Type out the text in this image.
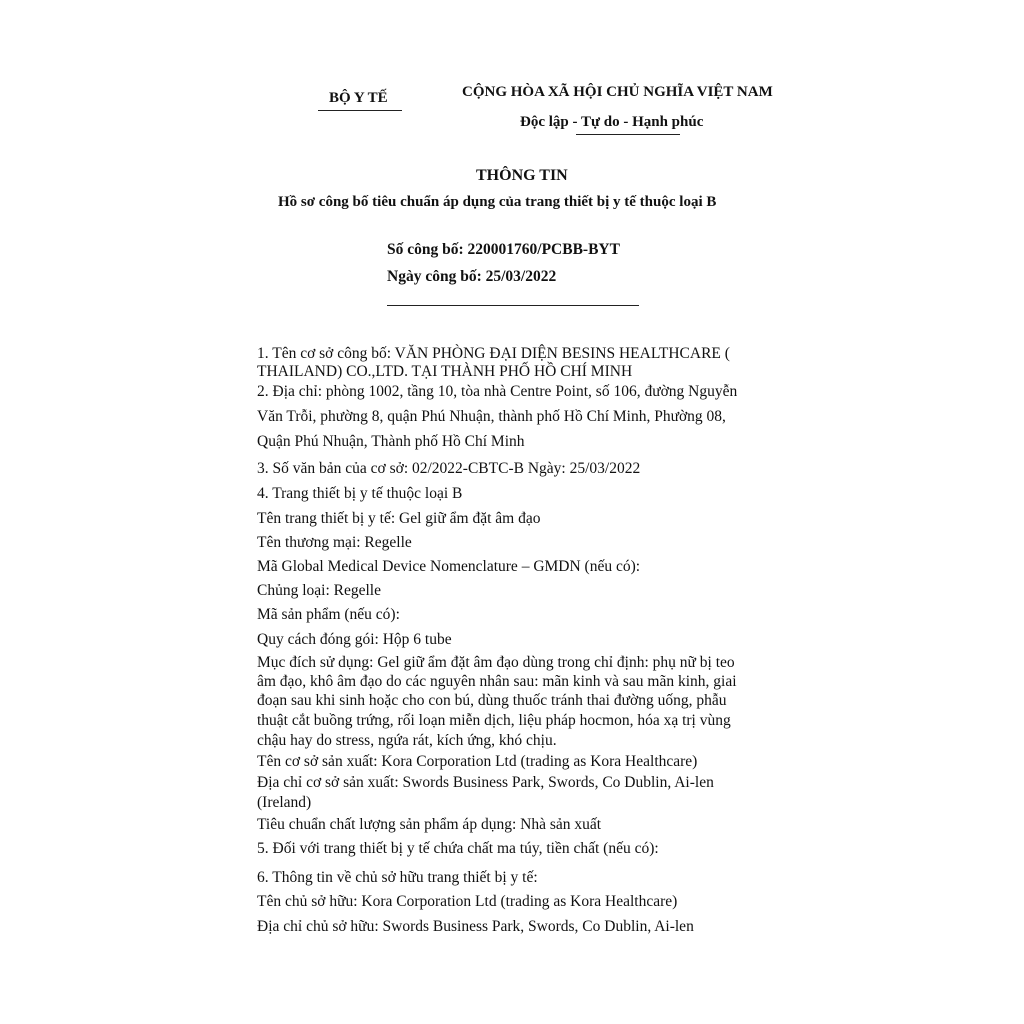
BỘ Y TẾ	CỘNG HÒA XÃ HỘI CHỦ NGHĨA VIỆT NAM
Độc lập - Tự do - Hạnh phúc
THÔNG TIN
Hồ sơ công bố tiêu chuẩn áp dụng của trang thiết bị y tế thuộc loại B
Số công bố: 220001760/PCBB-BYT
Ngày công bố: 25/03/2022
1. Tên cơ sở công bố: VĂN PHÒNG ĐẠI DIỆN BESINS HEALTHCARE (
THAILAND) CO.,LTD. TẠI THÀNH PHỐ HỒ CHÍ MINH
2. Địa chỉ: phòng 1002, tầng 10, tòa nhà Centre Point, số 106, đường Nguyễn
Văn Trỗi, phường 8, quận Phú Nhuận, thành phố Hồ Chí Minh, Phường 08,
Quận Phú Nhuận, Thành phố Hồ Chí Minh
3. Số văn bản của cơ sở: 02/2022-CBTC-B Ngày: 25/03/2022
4. Trang thiết bị y tế thuộc loại B
Tên trang thiết bị y tế: Gel giữ ẩm đặt âm đạo
Tên thương mại: Regelle
Mã Global Medical Device Nomenclature – GMDN (nếu có):
Chủng loại: Regelle
Mã sản phẩm (nếu có):
Quy cách đóng gói: Hộp 6 tube
Mục đích sử dụng: Gel giữ ẩm đặt âm đạo dùng trong chỉ định: phụ nữ bị teo
âm đạo, khô âm đạo do các nguyên nhân sau: mãn kinh và sau mãn kinh, giai
đoạn sau khi sinh hoặc cho con bú, dùng thuốc tránh thai đường uống, phẫu
thuật cắt buồng trứng, rối loạn miễn dịch, liệu pháp hocmon, hóa xạ trị vùng
chậu hay do stress, ngứa rát, kích ứng, khó chịu.
Tên cơ sở sản xuất: Kora Corporation Ltd (trading as Kora Healthcare)
Địa chỉ cơ sở sản xuất: Swords Business Park, Swords, Co Dublin, Ai-len
(Ireland)
Tiêu chuẩn chất lượng sản phẩm áp dụng: Nhà sản xuất
5. Đối với trang thiết bị y tế chứa chất ma túy, tiền chất (nếu có):
6. Thông tin về chủ sở hữu trang thiết bị y tế:
Tên chủ sở hữu: Kora Corporation Ltd (trading as Kora Healthcare)
Địa chỉ chủ sở hữu: Swords Business Park, Swords, Co Dublin, Ai-len
